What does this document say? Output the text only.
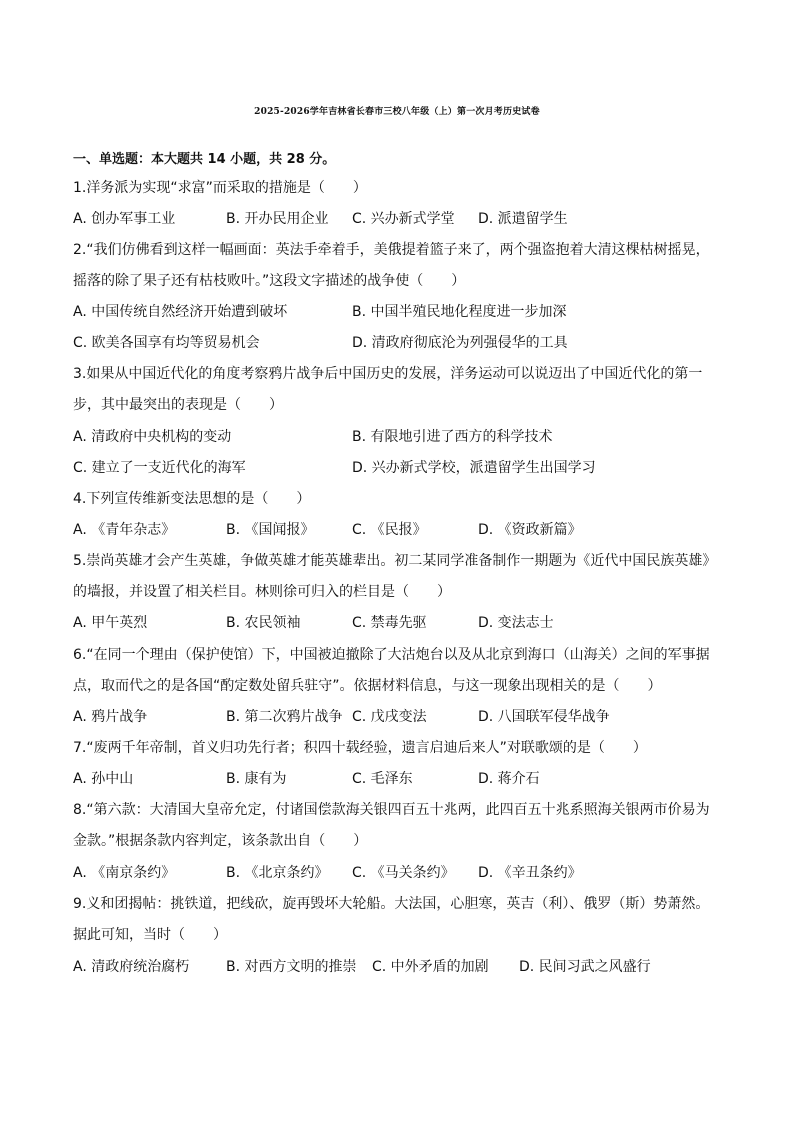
2025-2026学年吉林省长春市三校八年级（上）第一次月考历史试卷
一、单选题：本大题共 14 小题，共 28 分。
1.洋务派为实现“求富”而采取的措施是（　　）
A. 创办军事工业	B. 开办民用企业 C. 兴办新式学堂 D. 派遣留学生
2.“我们仿佛看到这样一幅画面：英法手牵着手，美俄提着篮子来了，两个强盗抱着大清这棵枯树摇晃，
摇落的除了果子还有枯枝败叶。”这段文字描述的战争使（　　）
A. 中国传统自然经济开始遭到破坏	B. 中国半殖民地化程度进一步加深
C. 欧美各国享有均等贸易机会	D. 清政府彻底沦为列强侵华的工具
3.如果从中国近代化的角度考察鸦片战争后中国历史的发展，洋务运动可以说迈出了中国近代化的第一
步，其中最突出的表现是（　　）
A. 清政府中央机构的变动	B. 有限地引进了西方的科学技术
C. 建立了一支近代化的海军	D. 兴办新式学校，派遣留学生出国学习
4.下列宣传维新变法思想的是（　　）
A. 《青年杂志》	B. 《国闻报》	C. 《民报》	D. 《资政新篇》
5.崇尚英雄才会产生英雄，争做英雄才能英雄辈出。初二某同学准备制作一期题为《近代中国民族英雄》
的墙报，并设置了相关栏目。林则徐可归入的栏目是（　　）
A. 甲午英烈	B. 农民领袖	C. 禁毒先驱	D. 变法志士
6.“在同一个理由（保护使馆）下，中国被迫撤除了大沽炮台以及从北京到海口（山海关）之间的军事据
点，取而代之的是各国“酌定数处留兵驻守”。依据材料信息，与这一现象出现相关的是（　　）
A. 鸦片战争	B. 第二次鸦片战争 C. 戊戌变法	D. 八国联军侵华战争
7.“废两千年帝制，首义归功先行者；积四十载经验，遗言启迪后来人”对联歌颂的是（　　）
A. 孙中山	B. 康有为	C. 毛泽东	D. 蒋介石
8.“第六款：大清国大皇帝允定，付诸国偿款海关银四百五十兆两，此四百五十兆系照海关银两市价易为
金款。”根据条款内容判定，该条款出自（　　）
A. 《南京条约》	B. 《北京条约》 C. 《马关条约》 D. 《辛丑条约》
9.义和团揭帖：挑铁道，把线砍，旋再毁坏大轮船。大法国，心胆寒，英吉（利）、俄罗（斯）势萧然。
据此可知，当时（　　）
A. 清政府统治腐朽	B. 对西方文明的推崇 C. 中外矛盾的加剧 D. 民间习武之风盛行
